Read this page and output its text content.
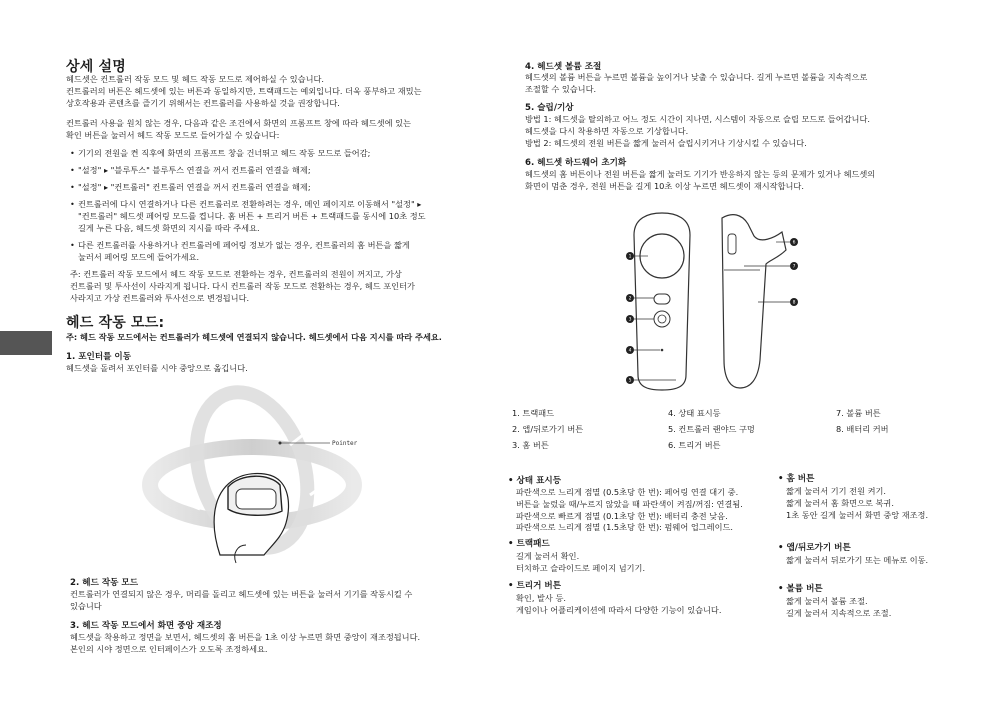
상세 설명
헤드셋은 컨트롤러 작동 모드 및 헤드 작동 모드로 제어하실 수 있습니다.
컨트롤러의 버튼은 헤드셋에 있는 버튼과 동일하지만, 트랙패드는 예외입니다. 더욱 풍부하고 재밌는
상호작용과 콘텐츠를 즐기기 위해서는 컨트롤러를 사용하실 것을 권장합니다.
컨트롤러 사용을 원치 않는 경우, 다음과 같은 조건에서 화면의 프롬프트 창에 따라 헤드셋에 있는
확인 버튼을 눌러서 헤드 작동 모드로 들어가실 수 있습니다:
• 기기의 전원을 켠 직후에 화면의 프롬프트 창을 건너뛰고 헤드 작동 모드로 들어감;
• "설정" ▸ "블루투스" 블루투스 연결을 꺼서 컨트롤러 연결을 해제;
• "설정" ▸ "컨트롤러" 컨트롤러 연결을 꺼서 컨트롤러 연결을 해제;
• 컨트롤러에 다시 연결하거나 다른 컨트롤러로 전환하려는 경우, 메인 페이지로 이동해서 "설정" ▸
"컨트롤러" 헤드셋 페어링 모드를 켭니다. 홈 버튼 + 트리거 버튼 + 트랙패드를 동시에 10초 정도
길게 누른 다음, 헤드셋 화면의 지시를 따라 주세요.
• 다른 컨트롤러를 사용하거나 컨트롤러에 페어링 정보가 없는 경우, 컨트롤러의 홈 버튼을 짧게
눌러서 페어링 모드에 들어가세요.
주: 컨트롤러 작동 모드에서 헤드 작동 모드로 전환하는 경우, 컨트롤러의 전원이 꺼지고, 가상
컨트롤러 및 투사선이 사라지게 됩니다. 다시 컨트롤러 작동 모드로 전환하는 경우, 헤드 포인터가
사라지고 가상 컨트롤러와 투사선으로 변경됩니다.
헤드 작동 모드:
주: 헤드 작동 모드에서는 컨트롤러가 헤드셋에 연결되지 않습니다. 헤드셋에서 다음 지시를 따라 주세요.
1. 포인터를 이동
헤드셋을 돌려서 포인터를 시야 중앙으로 옮깁니다.
Pointer
2. 헤드 작동 모드
컨트롤러가 연결되지 않은 경우, 머리를 돌리고 헤드셋에 있는 버튼을 눌러서 기기를 작동시킬 수
있습니다
3. 헤드 작동 모드에서 화면 중앙 재조정
헤드셋을 착용하고 정면을 보면서, 헤드셋의 홈 버튼을 1초 이상 누르면 화면 중앙이 재조정됩니다.
본인의 시야 정면으로 인터페이스가 오도록 조정하세요.
4. 헤드셋 볼륨 조절
헤드셋의 볼륨 버튼을 누르면 볼륨을 높이거나 낮출 수 있습니다. 길게 누르면 볼륨을 지속적으로
조절할 수 있습니다.
5. 슬립/기상
방법 1: 헤드셋을 탈의하고 어느 정도 시간이 지나면, 시스템이 자동으로 슬립 모드로 들어갑니다.
헤드셋을 다시 착용하면 자동으로 기상합니다.
방법 2: 헤드셋의 전원 버튼을 짧게 눌러서 슬립시키거나 기상시킬 수 있습니다.
6. 헤드셋 하드웨어 초기화
헤드셋의 홈 버튼이나 전원 버튼을 짧게 눌러도 기기가 반응하지 않는 등의 문제가 있거나 헤드셋의
화면이 멈춘 경우, 전원 버튼을 길게 10초 이상 누르면 헤드셋이 재시작합니다.
1
2
3
4
5
6
7
8
1. 트랙패드
2. 앱/뒤로가기 버튼
3. 홈 버튼
4. 상태 표시등
5. 컨트롤러 랜야드 구멍
6. 트리거 버튼
7. 볼륨 버튼
8. 배터리 커버
• 상태 표시등
파란색으로 느리게 점멸 (0.5초당 한 번): 페어링 연결 대기 중.
버튼을 눌렀을 때/누르지 않았을 때 파란색이 켜짐/꺼짐: 연결됨.
파란색으로 빠르게 점멸 (0.1초당 한 번): 배터리 충전 낮음.
파란색으로 느리게 점멸 (1.5초당 한 번): 펌웨어 업그레이드.
• 트랙패드
길게 눌러서 확인.
터치하고 슬라이드로 페이지 넘기기.
• 트리거 버튼
확인, 발사 등.
게임이나 어플리케이션에 따라서 다양한 기능이 있습니다.
• 홈 버튼
짧게 눌러서 기기 전원 켜기.
짧게 눌러서 홈 화면으로 복귀.
1초 동안 길게 눌러서 화면 중앙 재조정.
• 앱/뒤로가기 버튼
짧게 눌러서 뒤로가기 또는 메뉴로 이동.
• 볼륨 버튼
짧게 눌러서 볼륨 조절.
길게 눌러서 지속적으로 조절.
